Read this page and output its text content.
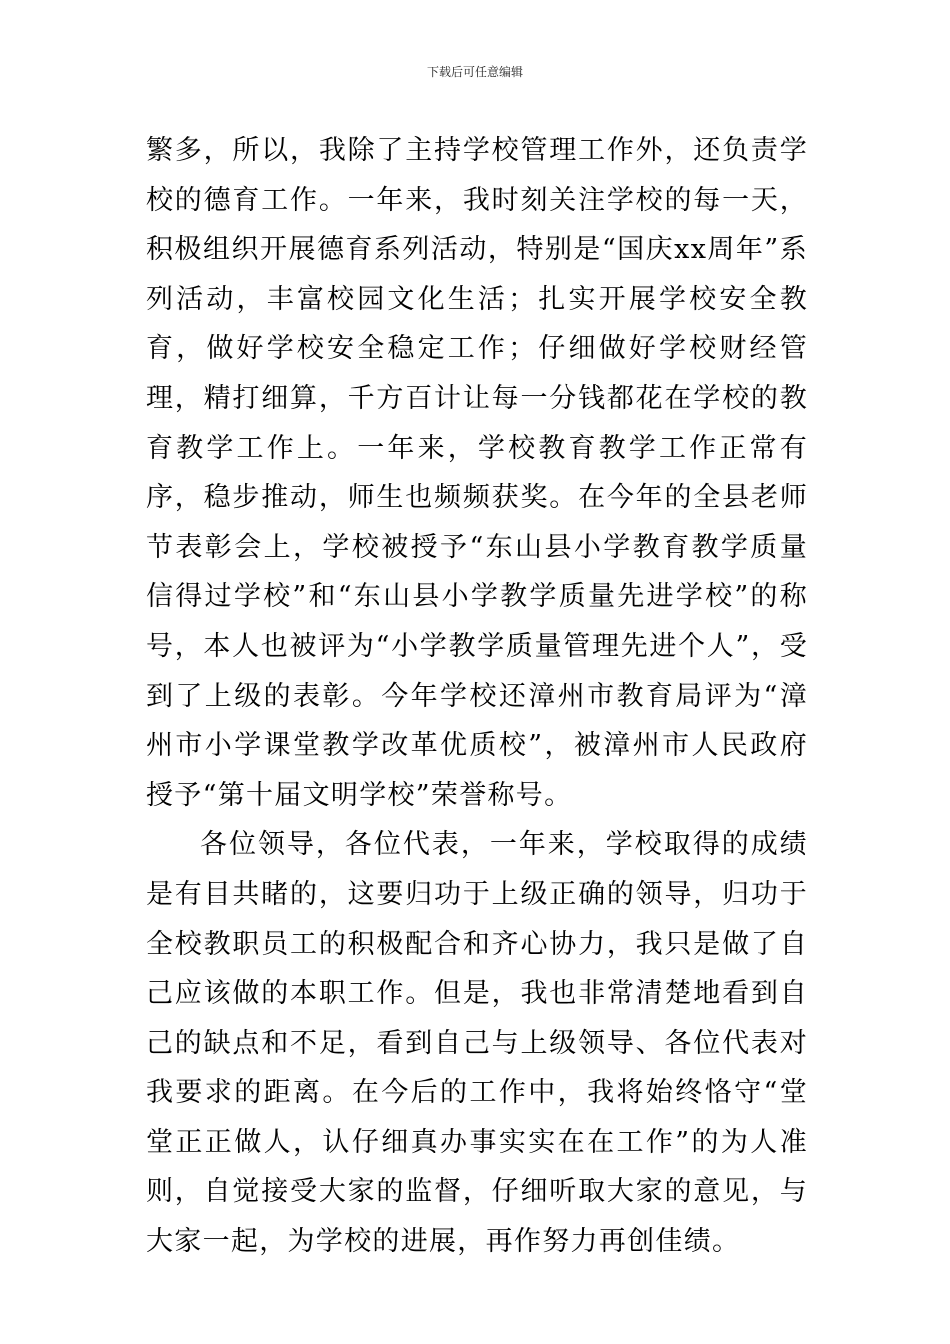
下载后可任意编辑

繁多，所以，我除了主持学校管理工作外，还负责学校的德育工作。一年来，我时刻关注学校的每一天，积极组织开展德育系列活动，特别是“国庆xx周年”系列活动，丰富校园文化生活；扎实开展学校安全教育，做好学校安全稳定工作；仔细做好学校财经管理，精打细算，千方百计让每一分钱都花在学校的教育教学工作上。一年来，学校教育教学工作正常有序，稳步推动，师生也频频获奖。在今年的全县老师节表彰会上，学校被授予“东山县小学教育教学质量信得过学校”和“东山县小学教学质量先进学校”的称号，本人也被评为“小学教学质量管理先进个人”，受到了上级的表彰。今年学校还漳州市教育局评为“漳州市小学课堂教学改革优质校”，被漳州市人民政府授予“第十届文明学校”荣誉称号。

各位领导，各位代表，一年来，学校取得的成绩是有目共睹的，这要归功于上级正确的领导，归功于全校教职员工的积极配合和齐心协力，我只是做了自己应该做的本职工作。但是，我也非常清楚地看到自己的缺点和不足，看到自己与上级领导、各位代表对我要求的距离。在今后的工作中，我将始终恪守“堂堂正正做人，认仔细真办事实实在在工作”的为人准则，自觉接受大家的监督，仔细听取大家的意见，与大家一起，为学校的进展，再作努力再创佳绩。
